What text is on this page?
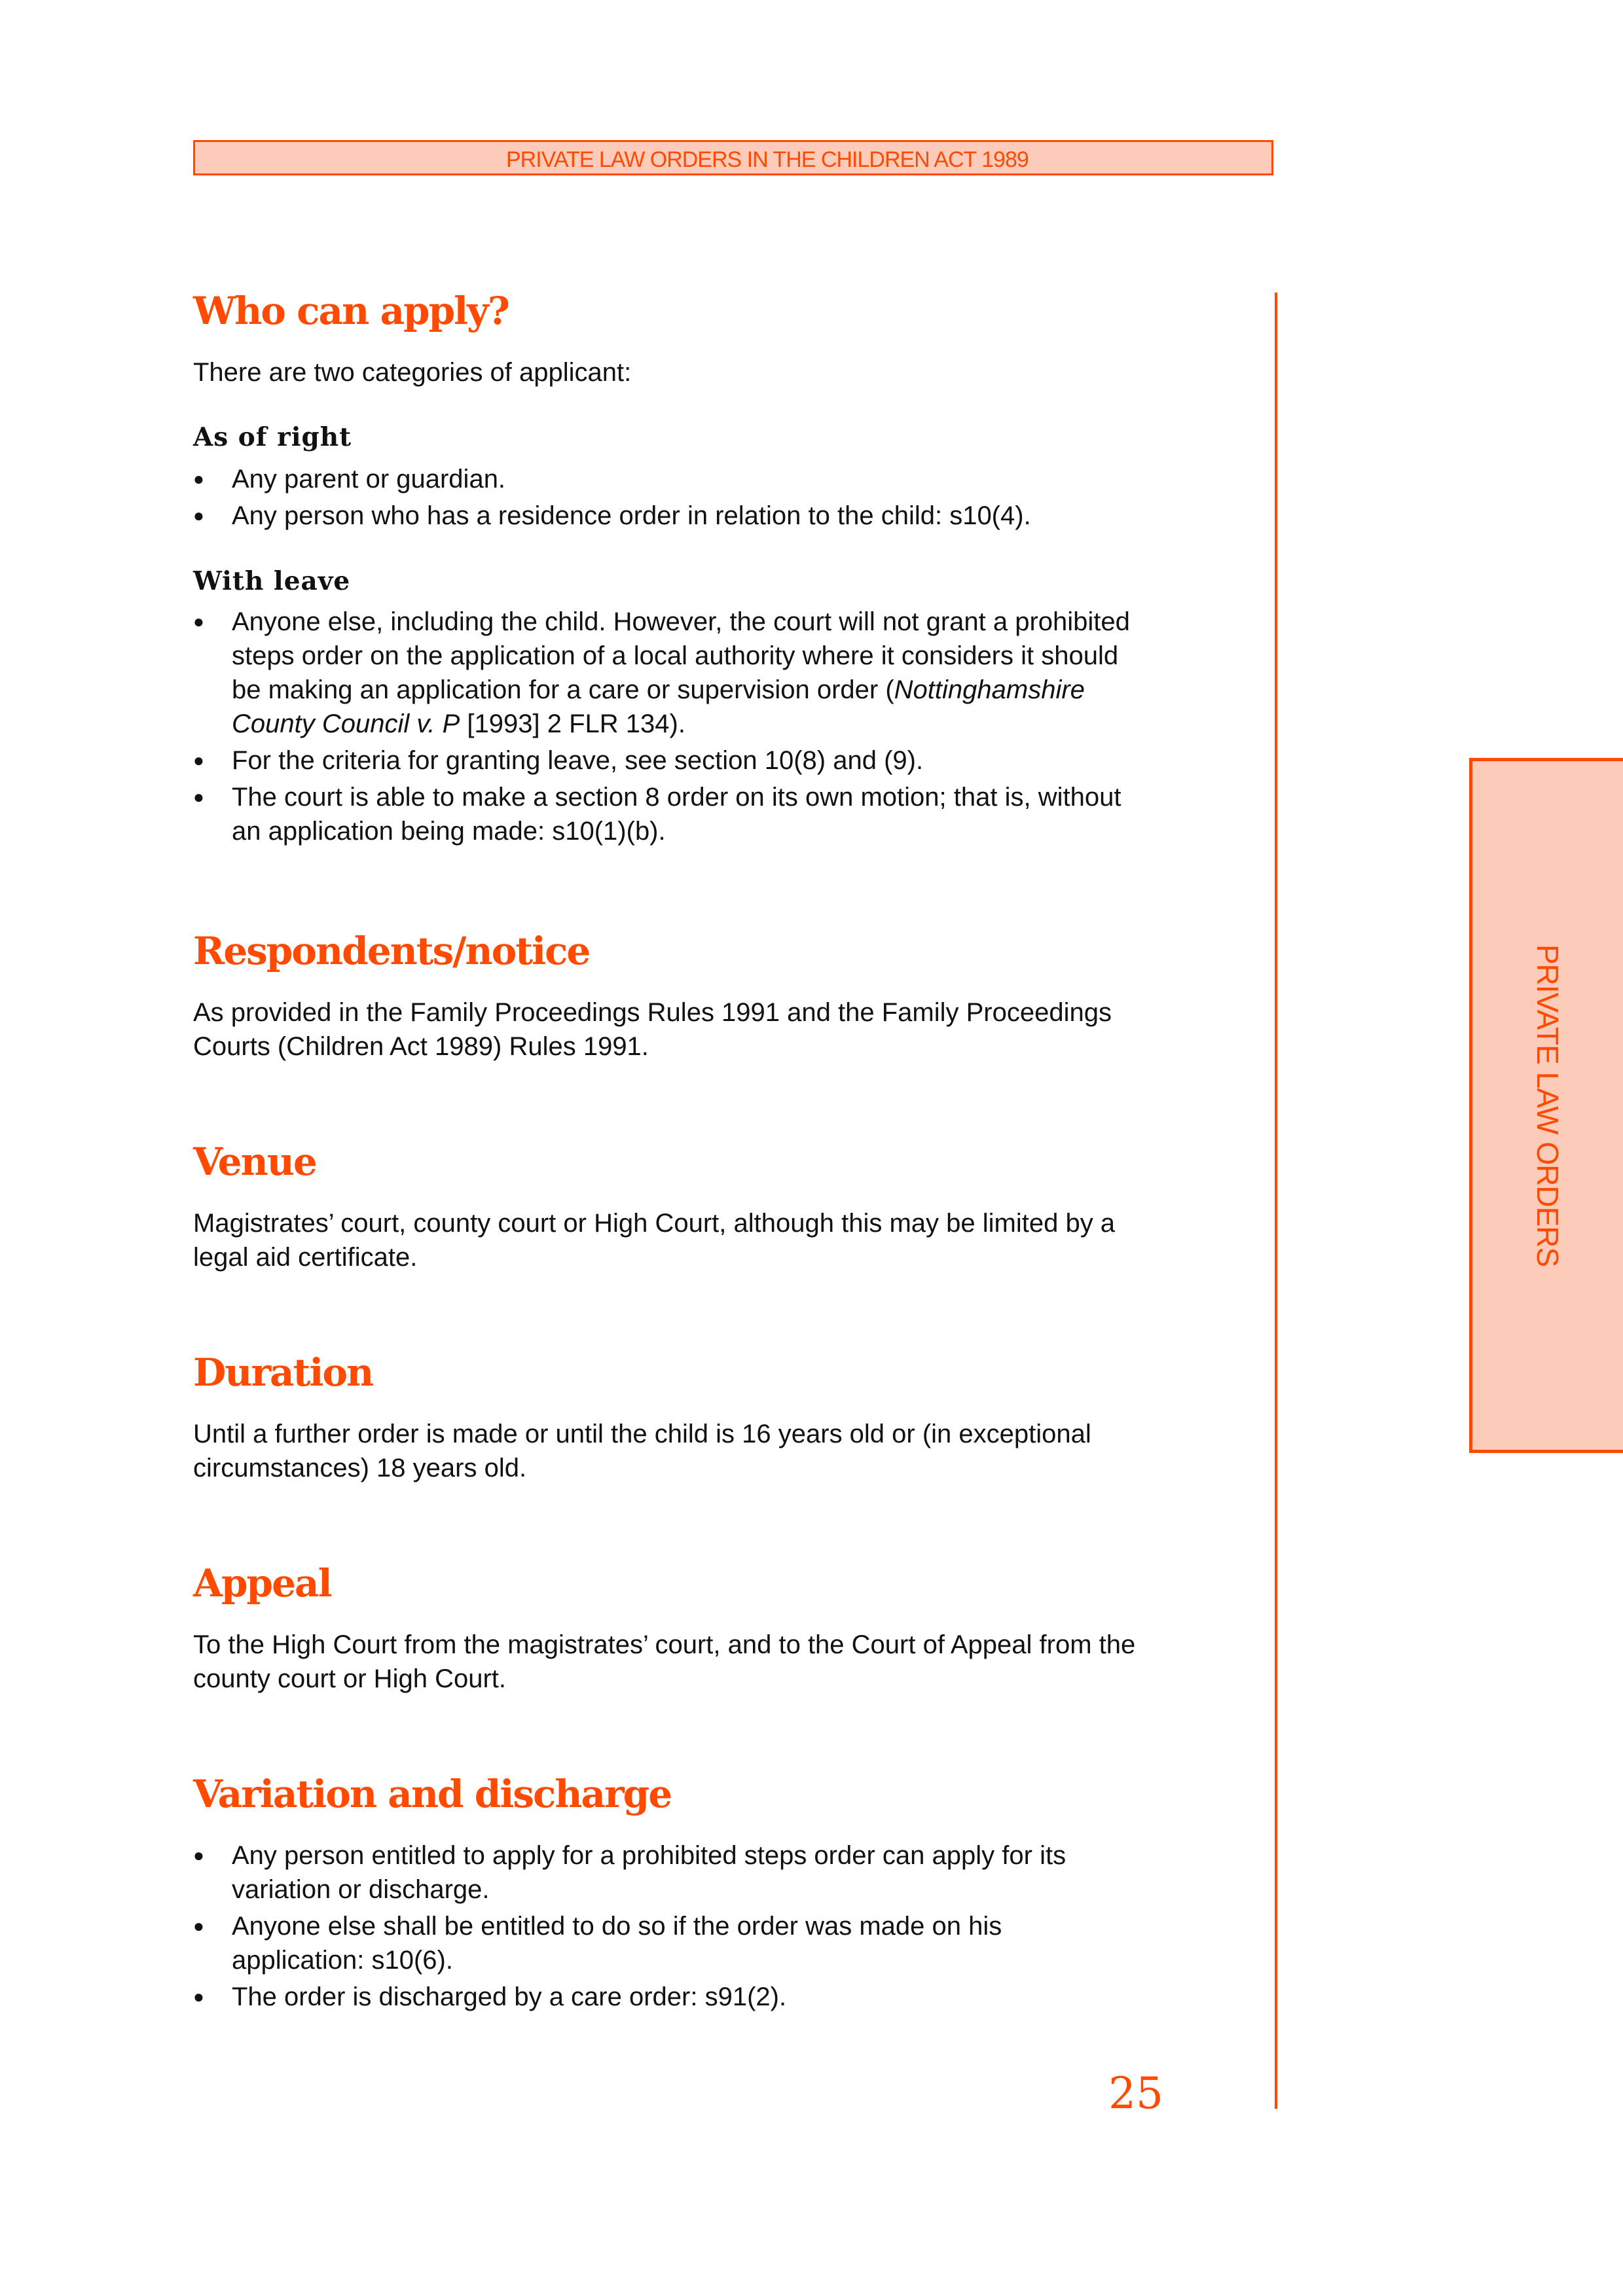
PRIVATE LAW ORDERS IN THE CHILDREN ACT 1989
PRIVATE LAW ORDERS
Who can apply?

There are two categories of applicant:

As of right
● Any parent or guardian.
● Any person who has a residence order in relation to the child: s10(4).
With leave
● Anyone else, including the child. However, the court will not grant a prohibited steps order on the application of a local authority where it considers it should be making an application for a care or supervision order (Nottinghamshire County Council v. P [1993] 2 FLR 134).
● For the criteria for granting leave, see section 10(8) and (9).
● The court is able to make a section 8 order on its own motion; that is, without an application being made: s10(1)(b).
Respondents/notice

As provided in the Family Proceedings Rules 1991 and the Family Proceedings Courts (Children Act 1989) Rules 1991.

Venue

Magistrates’ court, county court or High Court, although this may be limited by a legal aid certificate.

Duration

Until a further order is made or until the child is 16 years old or (in exceptional circumstances) 18 years old.

Appeal

To the High Court from the magistrates’ court, and to the Court of Appeal from the county court or High Court.

Variation and discharge
● Any person entitled to apply for a prohibited steps order can apply for its variation or discharge.
● Anyone else shall be entitled to do so if the order was made on his application: s10(6).
● The order is discharged by a care order: s91(2).
25
